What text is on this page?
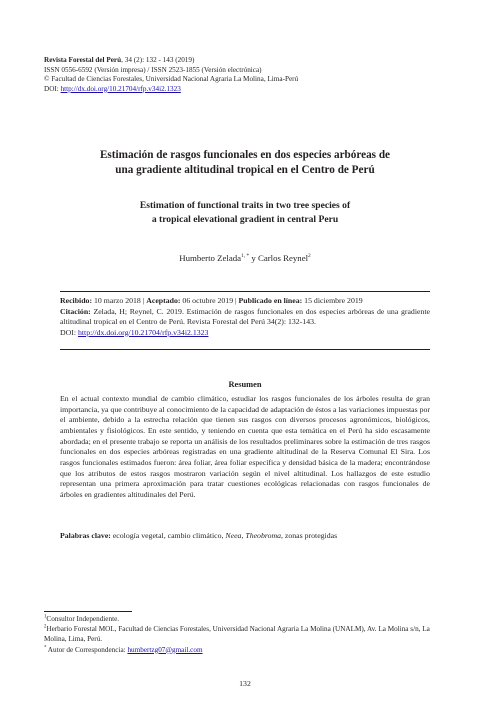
Revista Forestal del Perú, 34 (2): 132 - 143 (2019)
ISSN 0556-6592 (Versión impresa) / ISSN 2523-1855 (Versión electrónica)
© Facultad de Ciencias Forestales, Universidad Nacional Agraria La Molina, Lima-Perú
DOI: http://dx.doi.org/10.21704/rfp.v34i2.1323
Estimación de rasgos funcionales en dos especies arbóreas de
una gradiente altitudinal tropical en el Centro de Perú
Estimation of functional traits in two tree species of
a tropical elevational gradient in central Peru
Humberto Zelada$^{1, *}$ y Carlos Reynel$^2$
Recibido: 10 marzo 2018 | Aceptado: 06 octubre 2019 | Publicado en línea: 15 diciembre 2019
Citación: Zelada, H; Reynel, C. 2019. Estimación de rasgos funcionales en dos especies arbóreas de una gradiente altitudinal tropical en el Centro de Perú. Revista Forestal del Perú 34(2): 132-143.
DOI: http://dx.doi.org/10.21704/rfp.v34i2.1323
Resumen
En el actual contexto mundial de cambio climático, estudiar los rasgos funcionales de los árboles resulta de gran importancia, ya que contribuye al conocimiento de la capacidad de adaptación de éstos a las variaciones impuestas por el ambiente, debido a la estrecha relación que tienen sus rasgos con diversos procesos agronómicos, biológicos, ambientales y fisiológicos. En este sentido, y teniendo en cuenta que esta temática en el Perú ha sido escasamente abordada; en el presente trabajo se reporta un análisis de los resultados preliminares sobre la estimación de tres rasgos funcionales en dos especies arbóreas registradas en una gradiente altitudinal de la Reserva Comunal El Sira. Los rasgos funcionales estimados fueron: área foliar, área foliar específica y densidad básica de la madera; encontrándose que los atributos de estos rasgos mostraron variación según el nivel altitudinal. Los hallazgos de este estudio representan una primera aproximación para tratar cuestiones ecológicas relacionadas con rasgos funcionales de árboles en gradientes altitudinales del Perú.
Palabras clave: ecología vegetal, cambio climático, Neea, Theobroma, zonas protegidas
$^1$Consultor Independiente.
$^2$Herbario Forestal MOL, Facultad de Ciencias Forestales, Universidad Nacional Agraria La Molina (UNALM), Av. La Molina s/n, La Molina, Lima, Perú.
* Autor de Correspondencia: humbertzg07@gmail.com
132
